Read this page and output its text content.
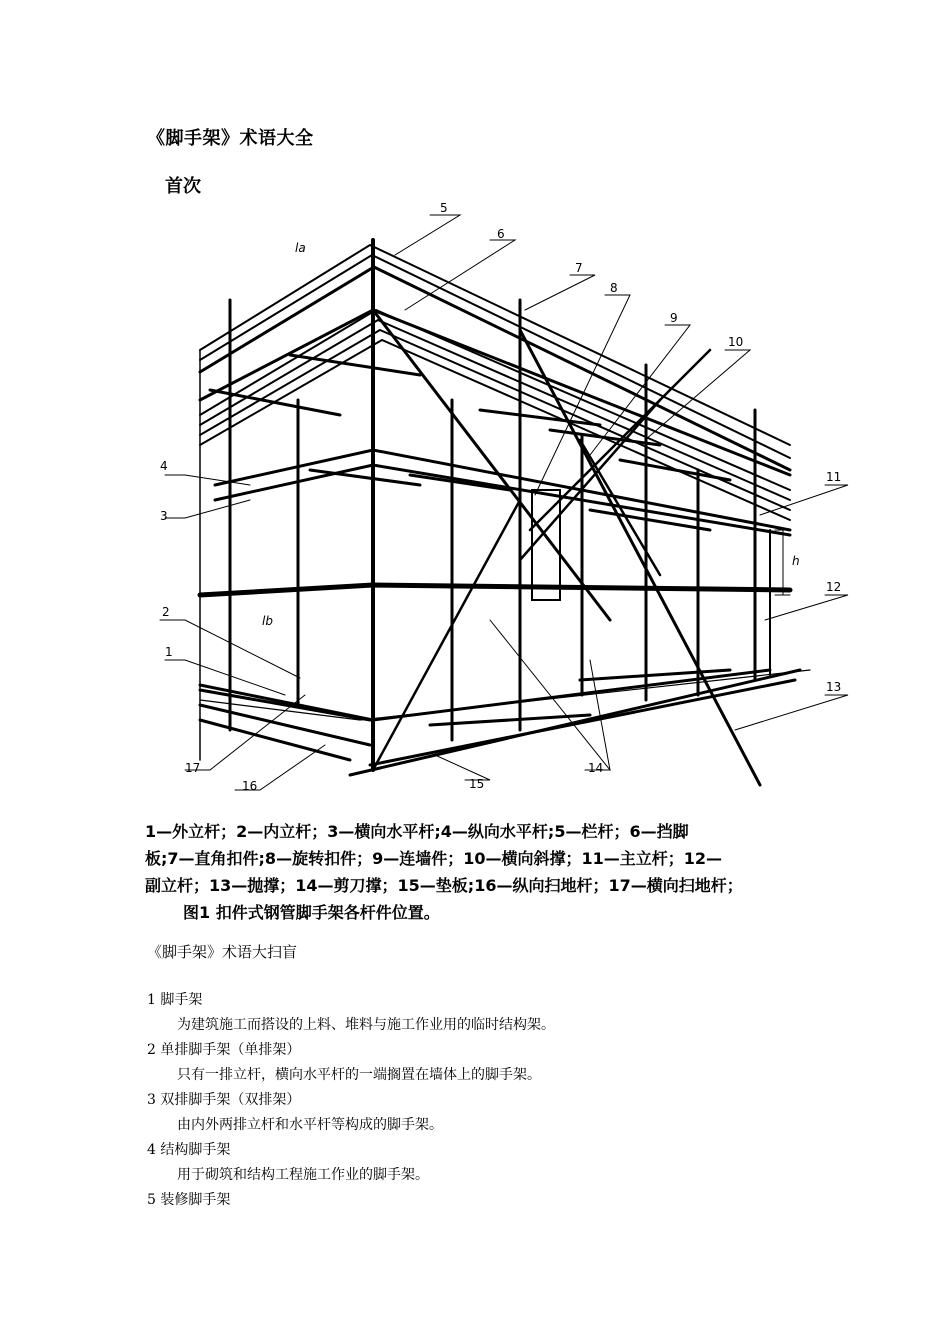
《脚手架》术语大全
首次
5
6
7
8
9
10
11
12
13
14
15
16
17
1
2
3
4
la
lb
h
1—外立杆；2—内立杆；3—横向水平杆;4—纵向水平杆;5—栏杆；6—挡脚
板;7—直角扣件;8—旋转扣件；9—连墙件；10—横向斜撑；11—主立杆；12—
副立杆；13—抛撑；14—剪刀撑；15—垫板;16—纵向扫地杆；17—横向扫地杆；
图1 扣件式钢管脚手架各杆件位置。
《脚手架》术语大扫盲
1 脚手架
为建筑施工而搭设的上料、堆料与施工作业用的临时结构架。
2 单排脚手架（单排架）
只有一排立杆，横向水平杆的一端搁置在墙体上的脚手架。
3 双排脚手架（双排架）
由内外两排立杆和水平杆等构成的脚手架。
4 结构脚手架
用于砌筑和结构工程施工作业的脚手架。
5 装修脚手架
